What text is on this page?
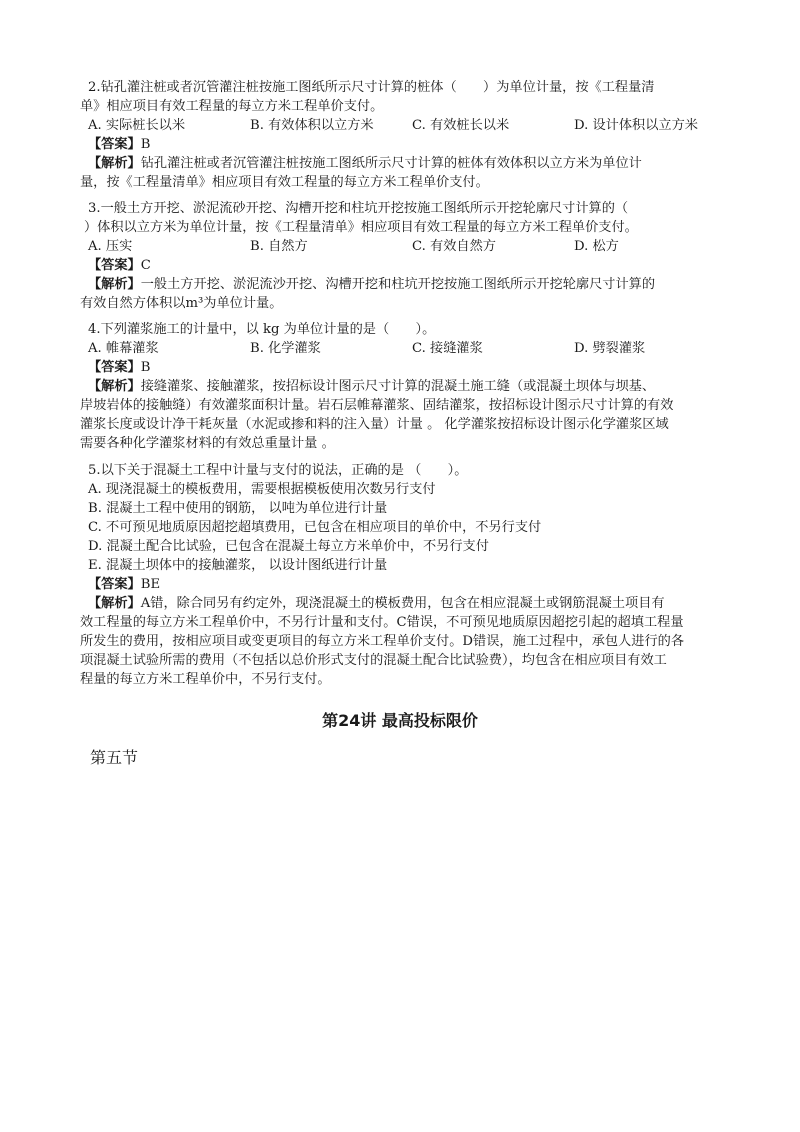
2.钻孔灌注桩或者沉管灌注桩按施工图纸所示尺寸计算的桩体（　　）为单位计量，按《工程量清
单》相应项目有效工程量的每立方米工程单价支付。
A. 实际桩长以米	B. 有效体积以立方米	C. 有效桩长以米	D. 设计体积以立方米
【答案】B
【解析】钻孔灌注桩或者沉管灌注桩按施工图纸所示尺寸计算的桩体有效体积以立方米为单位计
量，按《工程量清单》相应项目有效工程量的每立方米工程单价支付。
3.一般土方开挖、淤泥流砂开挖、沟槽开挖和柱坑开挖按施工图纸所示开挖轮廓尺寸计算的（
）体积以立方米为单位计量，按《工程量清单》相应项目有效工程量的每立方米工程单价支付。
A. 压实	B. 自然方	C. 有效自然方	D. 松方
【答案】C
【解析】一般土方开挖、淤泥流沙开挖、沟槽开挖和柱坑开挖按施工图纸所示开挖轮廓尺寸计算的
有效自然方体积以m³为单位计量。
4.下列灌浆施工的计量中，以 kg 为单位计量的是（　　）。
A. 帷幕灌浆	B. 化学灌浆	C. 接缝灌浆	D. 劈裂灌浆
【答案】B
【解析】接缝灌浆、接触灌浆，按招标设计图示尺寸计算的混凝土施工缝（或混凝土坝体与坝基、
岸坡岩体的接触缝）有效灌浆面积计量。岩石层帷幕灌浆、固结灌浆，按招标设计图示尺寸计算的有效
灌浆长度或设计净干耗灰量（水泥或掺和料的注入量）计量 。 化学灌浆按招标设计图示化学灌浆区域
需要各种化学灌浆材料的有效总重量计量 。
5.以下关于混凝土工程中计量与支付的说法，正确的是 （　　）。
A. 现浇混凝土的模板费用，需要根据模板使用次数另行支付
B. 混凝土工程中使用的钢筋， 以吨为单位进行计量
C. 不可预见地质原因超挖超填费用，已包含在相应项目的单价中，不另行支付
D. 混凝土配合比试验，已包含在混凝土每立方米单价中，不另行支付
E. 混凝土坝体中的接触灌浆， 以设计图纸进行计量
【答案】BE
【解析】A错，除合同另有约定外，现浇混凝土的模板费用，包含在相应混凝土或钢筋混凝土项目有
效工程量的每立方米工程单价中，不另行计量和支付。C错误，不可预见地质原因超挖引起的超填工程量
所发生的费用，按相应项目或变更项目的每立方米工程单价支付。D错误，施工过程中，承包人进行的各
项混凝土试验所需的费用（不包括以总价形式支付的混凝土配合比试验费），均包含在相应项目有效工
程量的每立方米工程单价中，不另行支付。
第24讲 最高投标限价
第五节
